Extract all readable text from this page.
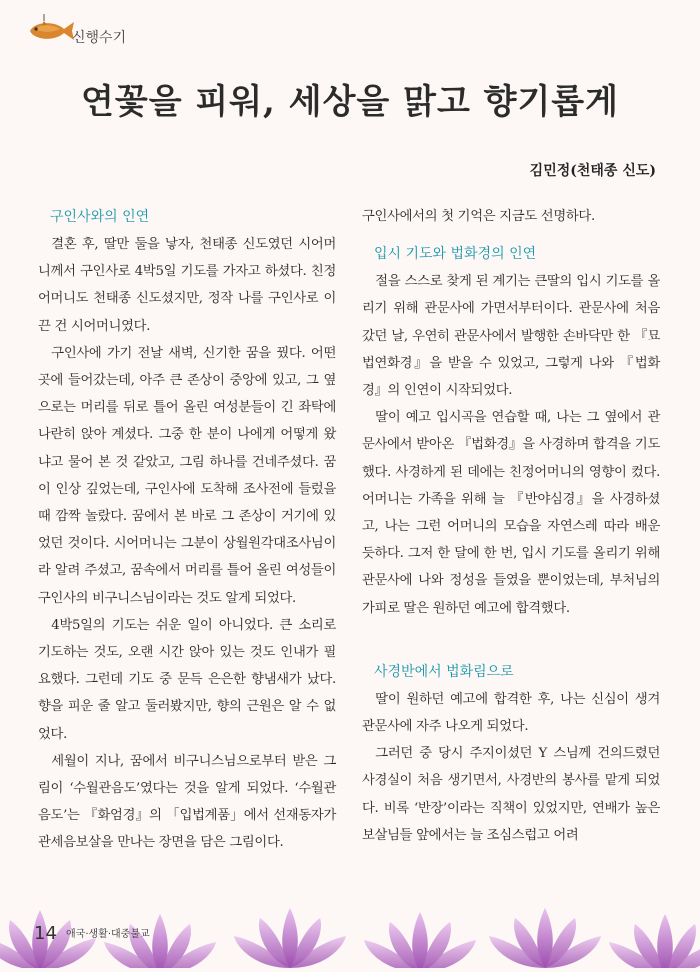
신행수기
연꽃을 피워, 세상을 맑고 향기롭게
김민정(천태종 신도)
구인사와의 인연

결혼 후, 딸만 둘을 낳자, 천태종 신도였던 시어머니께서 구인사로 4박5일 기도를 가자고 하셨다. 친정어머니도 천태종 신도셨지만, 정작 나를 구인사로 이끈 건 시어머니였다.

구인사에 가기 전날 새벽, 신기한 꿈을 꿨다. 어떤 곳에 들어갔는데, 아주 큰 존상이 중앙에 있고, 그 옆으로는 머리를 뒤로 틀어 올린 여성분들이 긴 좌탁에 나란히 앉아 계셨다. 그중 한 분이 나에게 어떻게 왔냐고 물어 본 것 같았고, 그림 하나를 건네주셨다. 꿈이 인상 깊었는데, 구인사에 도착해 조사전에 들렀을 때 깜짝 놀랐다. 꿈에서 본 바로 그 존상이 거기에 있었던 것이다. 시어머니는 그분이 상월원각대조사님이라 알려 주셨고, 꿈속에서 머리를 틀어 올린 여성들이 구인사의 비구니스님이라는 것도 알게 되었다.

4박5일의 기도는 쉬운 일이 아니었다. 큰 소리로 기도하는 것도, 오랜 시간 앉아 있는 것도 인내가 필요했다. 그런데 기도 중 문득 은은한 향냄새가 났다. 향을 피운 줄 알고 둘러봤지만, 향의 근원은 알 수 없었다.

세월이 지나, 꿈에서 비구니스님으로부터 받은 그림이 ‘수월관음도’였다는 것을 알게 되었다. ‘수월관음도’는 『화엄경』의 「입법계품」에서 선재동자가 관세음보살을 만나는 장면을 담은 그림이다.

구인사에서의 첫 기억은 지금도 선명하다.

입시 기도와 법화경의 인연

절을 스스로 찾게 된 계기는 큰딸의 입시 기도를 올리기 위해 관문사에 가면서부터이다. 관문사에 처음 갔던 날, 우연히 관문사에서 발행한 손바닥만 한 『묘법연화경』을 받을 수 있었고, 그렇게 나와 『법화경』의 인연이 시작되었다.

딸이 예고 입시곡을 연습할 때, 나는 그 옆에서 관문사에서 받아온 『법화경』을 사경하며 합격을 기도했다. 사경하게 된 데에는 친정어머니의 영향이 컸다. 어머니는 가족을 위해 늘 『반야심경』을 사경하셨고, 나는 그런 어머니의 모습을 자연스레 따라 배운 듯하다. 그저 한 달에 한 번, 입시 기도를 올리기 위해 관문사에 나와 정성을 들였을 뿐이었는데, 부처님의 가피로 딸은 원하던 예고에 합격했다.

사경반에서 법화림으로

딸이 원하던 예고에 합격한 후, 나는 신심이 생겨 관문사에 자주 나오게 되었다.

그러던 중 당시 주지이셨던 Y 스님께 건의드렸던 사경실이 처음 생기면서, 사경반의 봉사를 맡게 되었다. 비록 ‘반장’이라는 직책이 있었지만, 연배가 높은 보살님들 앞에서는 늘 조심스럽고 어려

14 애국·생활·대중불교
